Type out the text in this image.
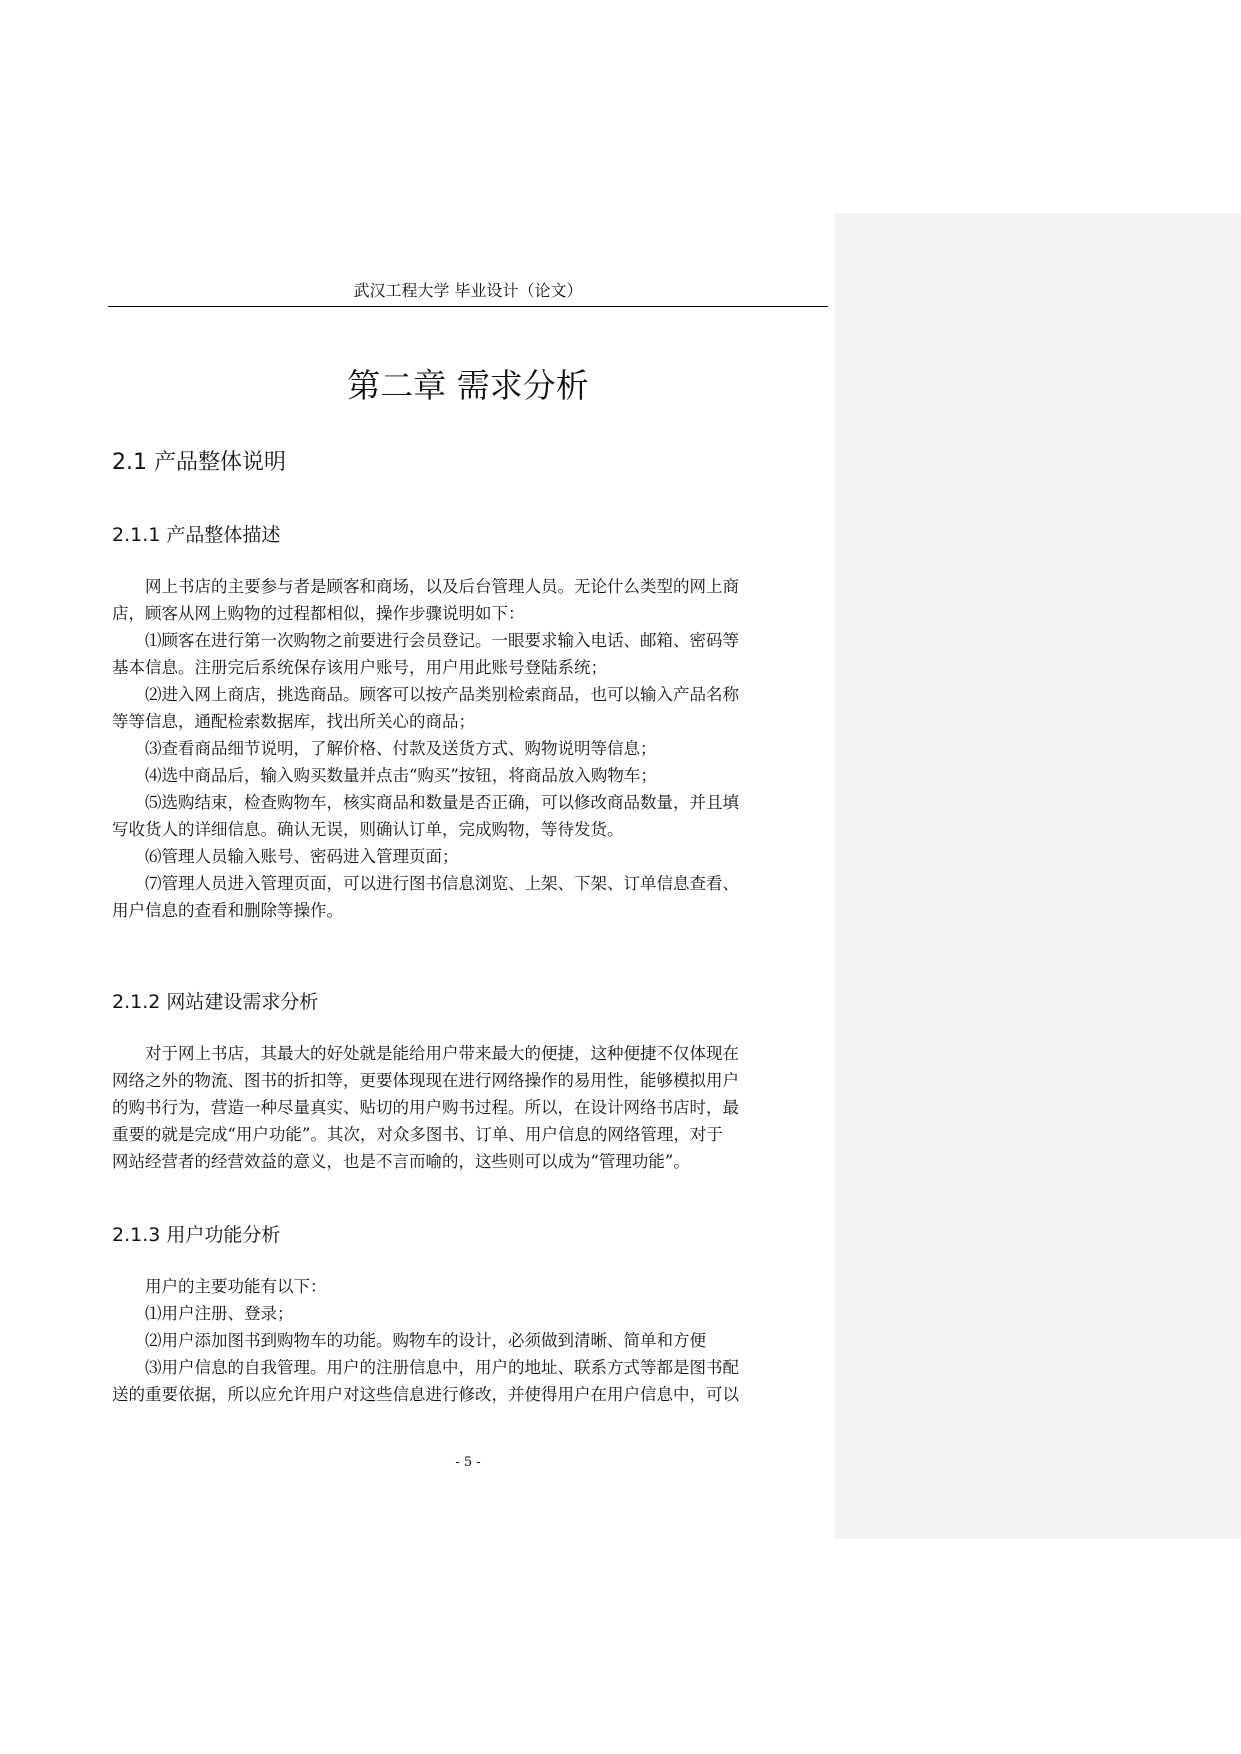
武汉工程大学 毕业设计（论文）
第二章 需求分析
2.1 产品整体说明
2.1.1 产品整体描述

网上书店的主要参与者是顾客和商场，以及后台管理人员。无论什么类型的网上商

店，顾客从网上购物的过程都相似，操作步骤说明如下：

⑴顾客在进行第一次购物之前要进行会员登记。一眼要求输入电话、邮箱、密码等

基本信息。注册完后系统保存该用户账号，用户用此账号登陆系统；

⑵进入网上商店，挑选商品。顾客可以按产品类别检索商品，也可以输入产品名称

等等信息，通配检索数据库，找出所关心的商品；

⑶查看商品细节说明，了解价格、付款及送货方式、购物说明等信息；

⑷选中商品后，输入购买数量并点击“购买”按钮，将商品放入购物车；

⑸选购结束，检查购物车，核实商品和数量是否正确，可以修改商品数量，并且填

写收货人的详细信息。确认无误，则确认订单，完成购物，等待发货。

⑹管理人员输入账号、密码进入管理页面；

⑺管理人员进入管理页面，可以进行图书信息浏览、上架、下架、订单信息查看、

用户信息的查看和删除等操作。

2.1.2 网站建设需求分析

对于网上书店，其最大的好处就是能给用户带来最大的便捷，这种便捷不仅体现在

网络之外的物流、图书的折扣等，更要体现现在进行网络操作的易用性，能够模拟用户

的购书行为，营造一种尽量真实、贴切的用户购书过程。所以，在设计网络书店时，最

重要的就是完成“用户功能”。其次，对众多图书、订单、用户信息的网络管理，对于

网站经营者的经营效益的意义，也是不言而喻的，这些则可以成为“管理功能”。

2.1.3 用户功能分析

用户的主要功能有以下：

⑴用户注册、登录；

⑵用户添加图书到购物车的功能。购物车的设计，必须做到清晰、简单和方便

⑶用户信息的自我管理。用户的注册信息中，用户的地址、联系方式等都是图书配

送的重要依据，所以应允许用户对这些信息进行修改，并使得用户在用户信息中，可以

- 5 -
